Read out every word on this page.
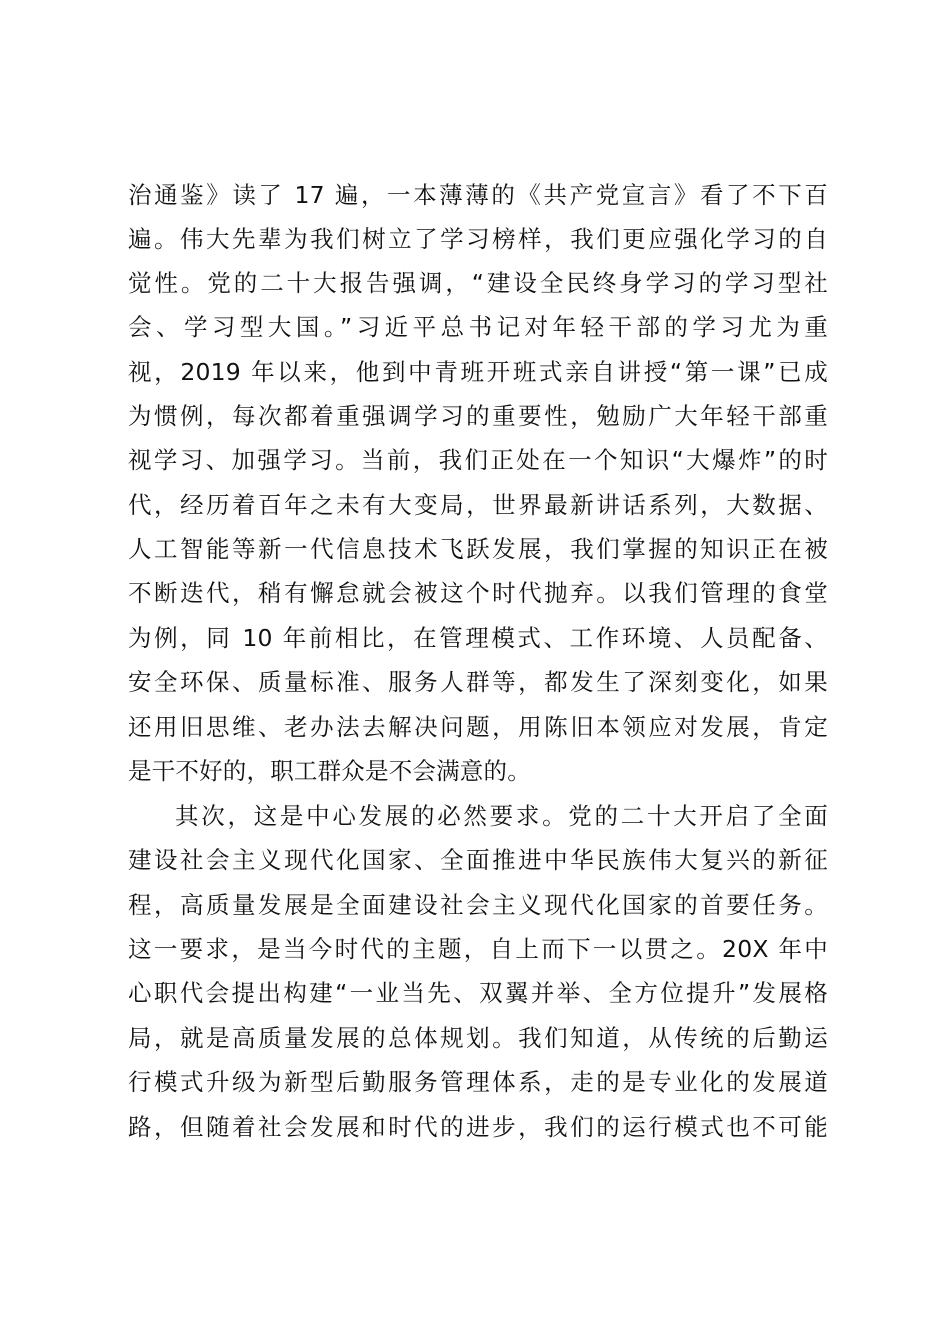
治通鉴》读了 17 遍，一本薄薄的《共产党宣言》看了不下百
遍。伟大先辈为我们树立了学习榜样，我们更应强化学习的自
觉性。党的二十大报告强调，“建设全民终身学习的学习型社
会、学习型大国。”习近平总书记对年轻干部的学习尤为重
视，2019 年以来，他到中青班开班式亲自讲授“第一课”已成
为惯例，每次都着重强调学习的重要性，勉励广大年轻干部重
视学习、加强学习。当前，我们正处在一个知识“大爆炸”的时
代，经历着百年之未有大变局，世界最新讲话系列，大数据、
人工智能等新一代信息技术飞跃发展，我们掌握的知识正在被
不断迭代，稍有懈怠就会被这个时代抛弃。以我们管理的食堂
为例，同 10 年前相比，在管理模式、工作环境、人员配备、
安全环保、质量标准、服务人群等，都发生了深刻变化，如果
还用旧思维、老办法去解决问题，用陈旧本领应对发展，肯定
是干不好的，职工群众是不会满意的。
其次，这是中心发展的必然要求。党的二十大开启了全面
建设社会主义现代化国家、全面推进中华民族伟大复兴的新征
程，高质量发展是全面建设社会主义现代化国家的首要任务。
这一要求，是当今时代的主题，自上而下一以贯之。20X 年中
心职代会提出构建“一业当先、双翼并举、全方位提升”发展格
局，就是高质量发展的总体规划。我们知道，从传统的后勤运
行模式升级为新型后勤服务管理体系，走的是专业化的发展道
路，但随着社会发展和时代的进步，我们的运行模式也不可能
